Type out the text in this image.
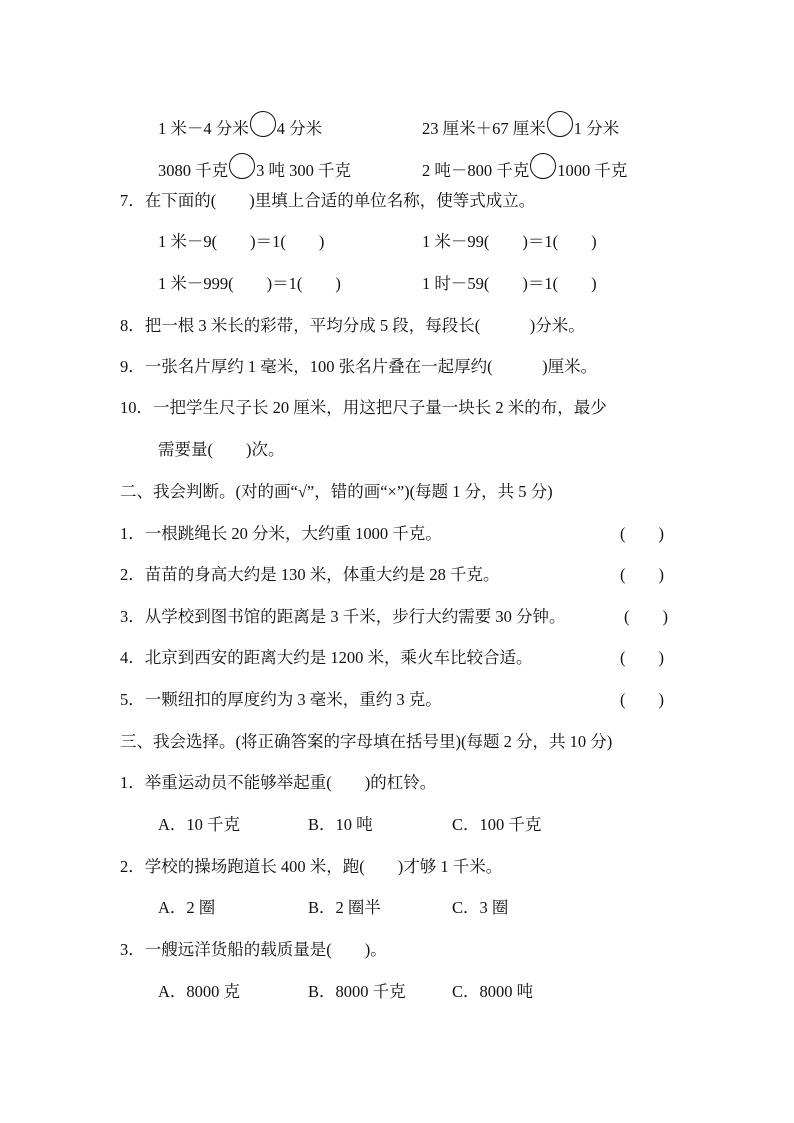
1 米－4 分米 4 分米	23 厘米＋67 厘米 1 分米
3080 千克 3 吨 300 千克	2 吨－800 千克 1000 千克
7．在下面的(　　)里填上合适的单位名称，使等式成立。
1 米－9(　　)＝1(　　)	1 米－99(　　)＝1(　　)
1 米－999(　　)＝1(　　)	1 时－59(　　)＝1(　　)
8．把一根 3 米长的彩带，平均分成 5 段，每段长(　　　)分米。
9．一张名片厚约 1 毫米，100 张名片叠在一起厚约(　　　)厘米。
10．一把学生尺子长 20 厘米，用这把尺子量一块长 2 米的布，最少
需要量(　　)次。
二、我会判断。(对的画“√”，错的画“×”)(每题 1 分，共 5 分)
1．一根跳绳长 20 分米，大约重 1000 千克。	(　　)
2．苗苗的身高大约是 130 米，体重大约是 28 千克。	(　　)
3．从学校到图书馆的距离是 3 千米，步行大约需要 30 分钟。	(　　)
4．北京到西安的距离大约是 1200 米，乘火车比较合适。	(　　)
5．一颗纽扣的厚度约为 3 毫米，重约 3 克。	(　　)
三、我会选择。(将正确答案的字母填在括号里)(每题 2 分，共 10 分)
1．举重运动员不能够举起重(　　)的杠铃。
A．10 千克	B．10 吨	C．100 千克
2．学校的操场跑道长 400 米，跑(　　)才够 1 千米。
A．2 圈	B．2 圈半	C．3 圈
3．一艘远洋货船的载质量是(　　)。
A．8000 克	B．8000 千克	C．8000 吨
